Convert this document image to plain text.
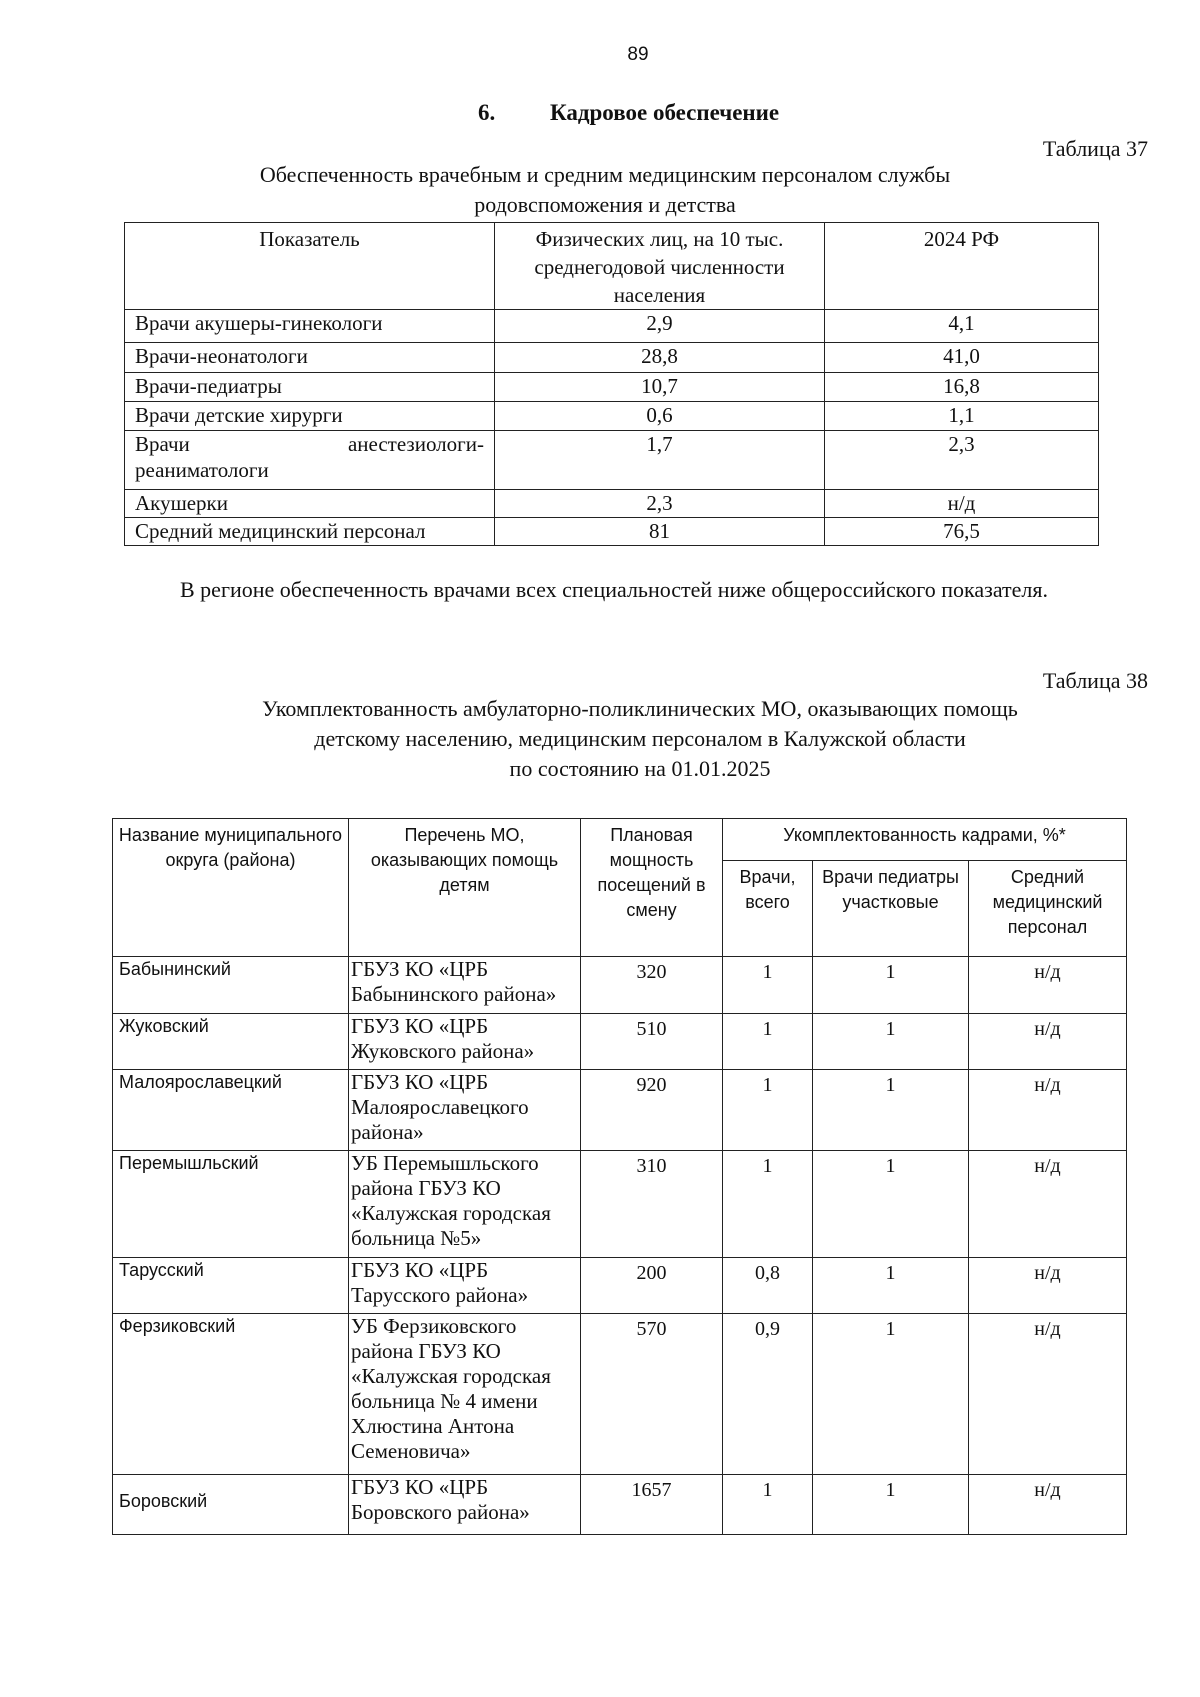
89
6. Кадровое обеспечение
Таблица 37
Обеспеченность врачебным и средним медицинским персоналом службы
родовспоможения и детства
Показатель	Физических лиц, на 10 тыс. среднегодовой численности населения	2024 РФ
Врачи акушеры-гинекологи	2,9	4,1
Врачи-неонатологи	28,8	41,0
Врачи-педиатры	10,7	16,8
Врачи детские хирурги	0,6	1,1

Врачи анестезиологи-
реаниматологи	1,7	2,3
Акушерки	2,3	н/д
Средний медицинский персонал	81	76,5
В регионе обеспеченность врачами всех специальностей ниже общероссийского показателя.
Таблица 38
Укомплектованность амбулаторно-поликлинических МО, оказывающих помощь
детскому населению, медицинским персоналом в Калужской области
по состоянию на 01.01.2025
Название муниципального округа (района)	Перечень МО, оказывающих помощь детям	Плановая мощность посещений в смену	Укомплектованность кадрами, %*		
			Врачи, всего	Врачи педиатры участковые	Средний медицинский персонал
Бабынинский	ГБУЗ КО «ЦРБ Бабынинского района»	320	1	1	н/д
Жуковский	ГБУЗ КО «ЦРБ Жуковского района»	510	1	1	н/д
Малоярославецкий	ГБУЗ КО «ЦРБ Малоярославецкого района»	920	1	1	н/д
Перемышльский	УБ Перемышльского района ГБУЗ КО «Калужская городская больница №5»	310	1	1	н/д
Тарусский	ГБУЗ КО «ЦРБ Тарусского района»	200	0,8	1	н/д
Ферзиковский	УБ Ферзиковского района ГБУЗ КО «Калужская городская больница № 4 имени Хлюстина Антона Семеновича»	570	0,9	1	н/д
Боровский	ГБУЗ КО «ЦРБ Боровского района»	1657	1	1	н/д
